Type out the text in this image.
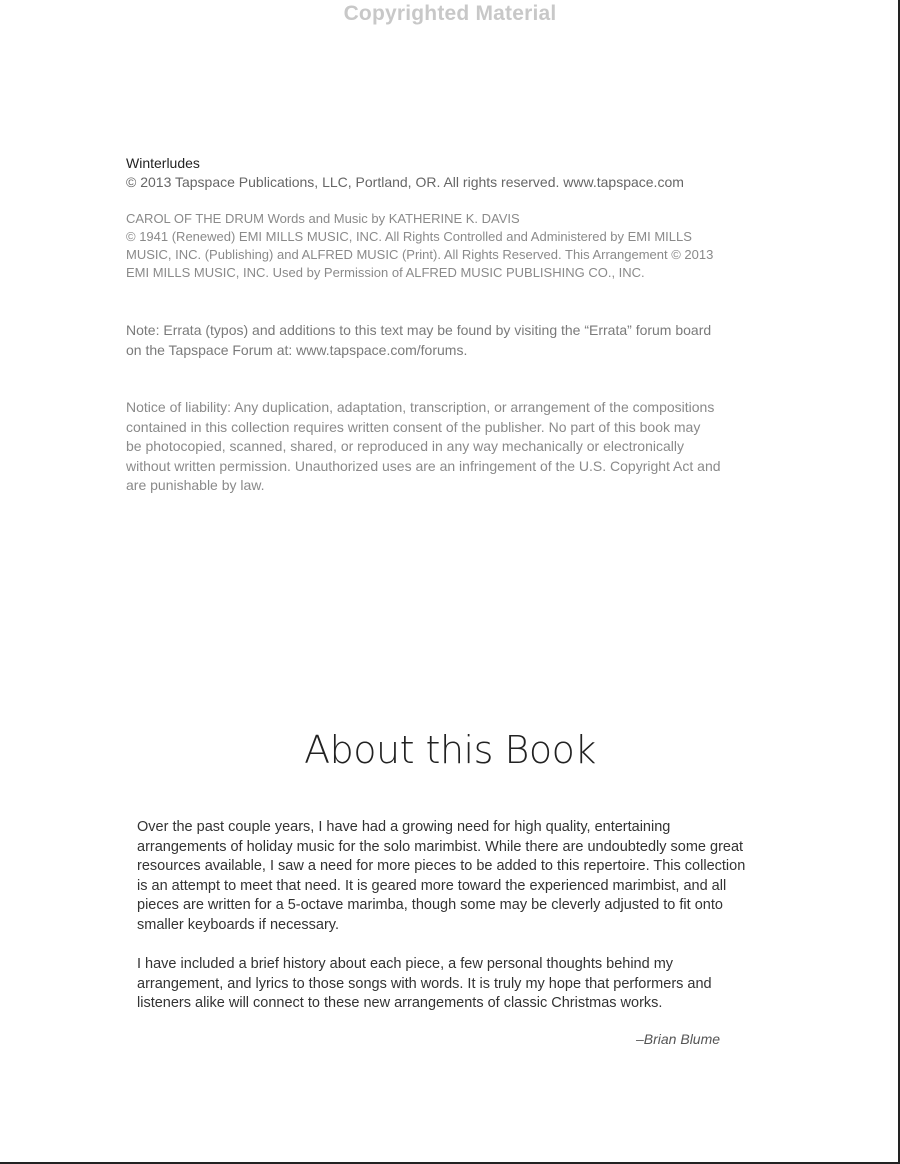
Copyrighted Material
Winterludes
© 2013 Tapspace Publications, LLC, Portland, OR. All rights reserved. www.tapspace.com
CAROL OF THE DRUM Words and Music by KATHERINE K. DAVIS
© 1941 (Renewed) EMI MILLS MUSIC, INC. All Rights Controlled and Administered by EMI MILLS
MUSIC, INC. (Publishing) and ALFRED MUSIC (Print). All Rights Reserved. This Arrangement © 2013
EMI MILLS MUSIC, INC. Used by Permission of ALFRED MUSIC PUBLISHING CO., INC.
Note: Errata (typos) and additions to this text may be found by visiting the “Errata” forum board
on the Tapspace Forum at: www.tapspace.com/forums.
Notice of liability: Any duplication, adaptation, transcription, or arrangement of the compositions
contained in this collection requires written consent of the publisher. No part of this book may
be photocopied, scanned, shared, or reproduced in any way mechanically or electronically
without written permission. Unauthorized uses are an infringement of the U.S. Copyright Act and
are punishable by law.
About this Book
Over the past couple years, I have had a growing need for high quality, entertaining
arrangements of holiday music for the solo marimbist. While there are undoubtedly some great
resources available, I saw a need for more pieces to be added to this repertoire. This collection
is an attempt to meet that need. It is geared more toward the experienced marimbist, and all
pieces are written for a 5-octave marimba, though some may be cleverly adjusted to fit onto
smaller keyboards if necessary.
I have included a brief history about each piece, a few personal thoughts behind my
arrangement, and lyrics to those songs with words. It is truly my hope that performers and
listeners alike will connect to these new arrangements of classic Christmas works.
–Brian Blume
